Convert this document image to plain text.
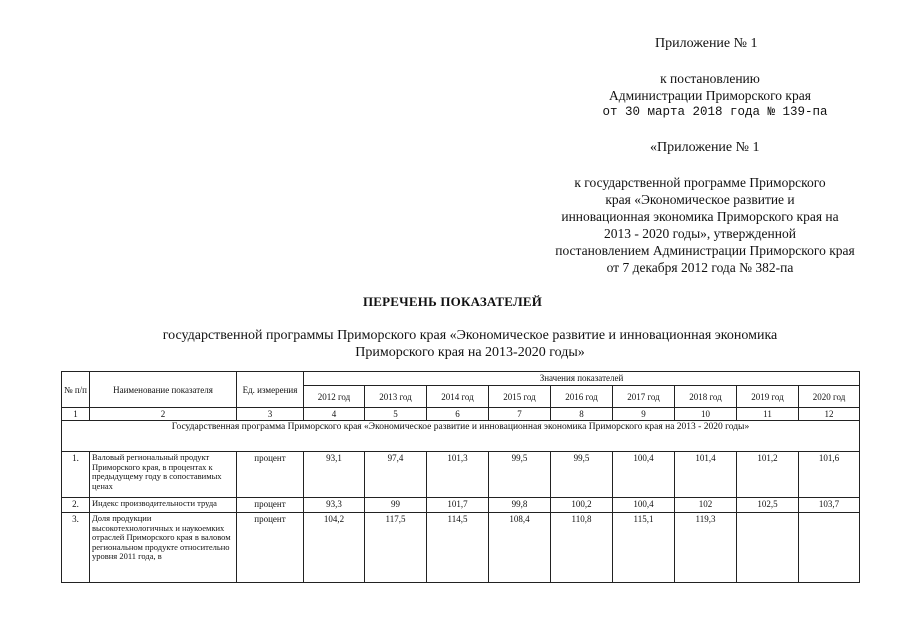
Приложение № 1
к постановлению
Администрации Приморского края
от 30 марта 2018 года № 139-па
«Приложение № 1
к государственной программе Приморского
края «Экономическое развитие и
инновационная экономика Приморского края на
2013 - 2020 годы», утвержденной
постановлением Администрации Приморского края
от 7 декабря 2012 года № 382-па
ПЕРЕЧЕНЬ ПОКАЗАТЕЛЕЙ
государственной программы Приморского края «Экономическое развитие и инновационная экономика
Приморского края на 2013-2020 годы»
№ п/п	Наименование показателя	Ед. измерения	Значения показателей								
			2012 год	2013 год	2014 год	2015 год	2016 год	2017 год	2018 год	2019 год	2020 год
1	2	3	4	5	6	7	8	9	10	11	12
Государственная программа Приморского края «Экономическое развитие и инновационная экономика Приморского края на 2013 - 2020 годы»											
1.	Валовый региональный продукт Приморского края, в процентах к предыдущему году в сопоставимых ценах	процент	93,1	97,4	101,3	99,5	99,5	100,4	101,4	101,2	101,6
2.	Индекс производительности труда	процент	93,3	99	101,7	99,8	100,2	100,4	102	102,5	103,7
3.	Доля продукции высокотехнологичных и наукоемких отраслей Приморского края в валовом региональном продукте относительно уровня 2011 года, в	процент	104,2	117,5	114,5	108,4	110,8	115,1	119,3		
